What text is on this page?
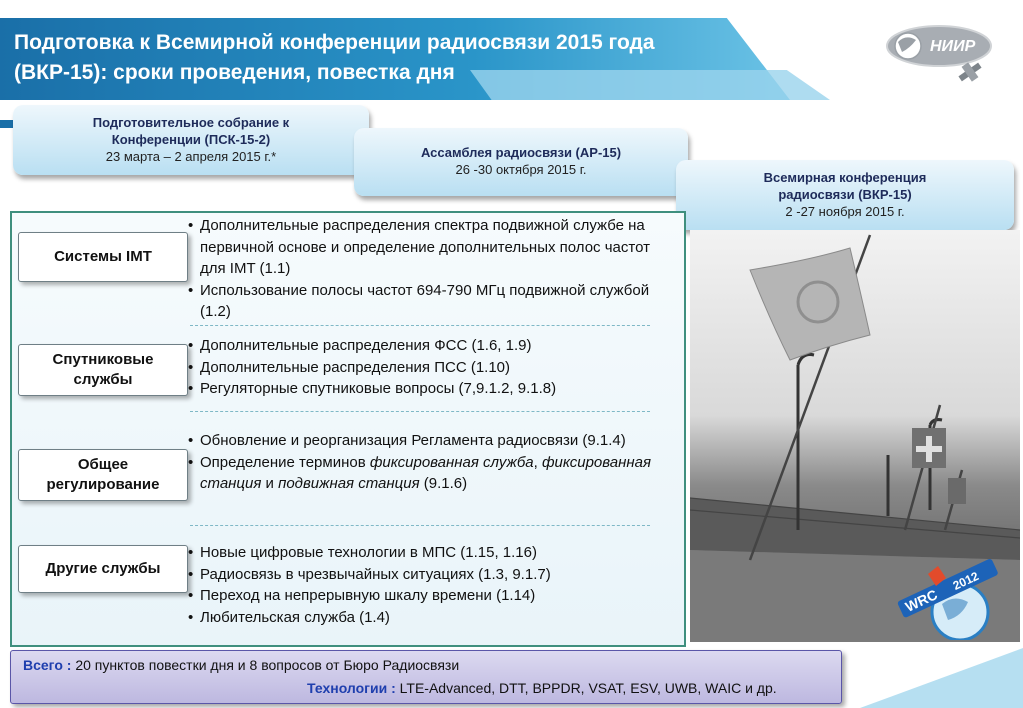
Подготовка к Всемирной конференции радиосвязи 2015 года
(ВКР-15): сроки проведения, повестка дня
НИИР
Подготовительное собрание к
Конференции (ПСК-15-2)
23 марта – 2 апреля 2015 г.*	Ассамблея радиосвязи (АР-15)
26 -30 октября 2015 г.
Всемирная конференция
радиосвязи (ВКР-15)
2 -27 ноября 2015 г.
Системы IMT
• Дополнительные распределения спектра подвижной службе на первичной основе и определение дополнительных полос частот для IMT (1.1)
• Использование полосы частот 694-790 МГц подвижной службой (1.2)
Спутниковые
службы
• Дополнительные распределения ФСС (1.6, 1.9)
• Дополнительные распределения ПСС (1.10)
• Регуляторные спутниковые вопросы (7,9.1.2, 9.1.8)
Общее
регулирование
• Обновление и реорганизация Регламента радиосвязи (9.1.4)
• Определение терминов фиксированная служба, фиксированная станция и подвижная станция (9.1.6)
Другие службы
• Новые цифровые технологии в МПС (1.15, 1.16)
• Радиосвязь в чрезвычайных ситуациях (1.3, 9.1.7)
• Переход на непрерывную шкалу времени (1.14)
• Любительская служба (1.4)
WRC
2012
Всего : 20 пунктов повестки дня и 8 вопросов от Бюро Радиосвязи
Технологии : LTE-Advanced, DTT, BPPDR, VSAT, ESV, UWB, WAIC и др.
